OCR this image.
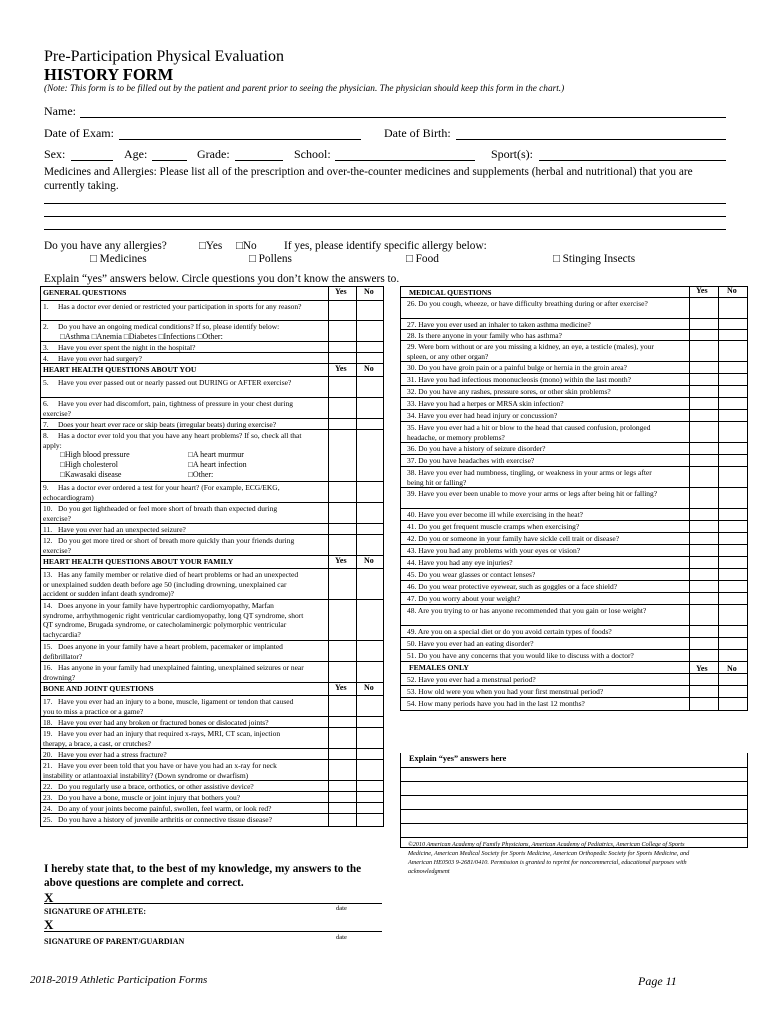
Pre-Participation Physical Evaluation
HISTORY FORM
(Note: This form is to be filled out by the patient and parent prior to seeing the physician. The physician should keep this form in the chart.)
Name:
Date of Exam:	Date of Birth:
Sex:	Age:	Grade:	School:	Sport(s):
Medicines and Allergies: Please list all of the prescription and over-the-counter medicines and supplements (herbal and nutritional) that you are currently taking.
Do you have any allergies?	□Yes □No If yes, please identify specific allergy below:
□ Medicines	□ Pollens	□ Food	□ Stinging Insects
Explain “yes” answers below. Circle questions you don’t know the answers to.
GENERAL QUESTIONS	Yes No
1. Has a doctor ever denied or restricted your participation in sports for any reason?
2. Do you have an ongoing medical conditions? If so, please identify below:
□Asthma □Anemia □Diabetes □Infections □Other:
3. Have you ever spent the night in the hospital?
4. Have you ever had surgery?
HEART HEALTH QUESTIONS ABOUT YOU	Yes No
5. Have you ever passed out or nearly passed out DURING or AFTER exercise?
6. Have you ever had discomfort, pain, tightness of pressure in your chest during exercise?
7. Does your heart ever race or skip beats (irregular beats) during exercise?
8. Has a doctor ever told you that you have any heart problems? If so, check all that apply:
□High blood pressure	□A heart murmur
□High cholesterol	□A heart infection
□Kawasaki disease	□Other:
9. Has a doctor ever ordered a test for your heart? (For example, ECG/EKG, echocardiogram)
10. Do you get lightheaded or feel more short of breath than expected during exercise?
11. Have you ever had an unexpected seizure?
12. Do you get more tired or short of breath more quickly than your friends during exercise?
HEART HEALTH QUESTIONS ABOUT YOUR FAMILY	Yes No
13. Has any family member or relative died of heart problems or had an unexpected or unexplained sudden death before age 50 (including drowning, unexplained car accident or sudden infant death syndrome)?
14. Does anyone in your family have hypertrophic cardiomyopathy, Marfan syndrome, arrhythmogenic right ventricular cardiomyopathy, long QT syndrome, short QT syndrome, Brugada syndrome, or catecholaminergic polymorphic ventricular tachycardia?
15. Does anyone in your family have a heart problem, pacemaker or implanted defibrillator?
16. Has anyone in your family had unexplained fainting, unexplained seizures or near drowning?
BONE AND JOINT QUESTIONS	Yes No
17. Have you ever had an injury to a bone, muscle, ligament or tendon that caused you to miss a practice or a game?
18. Have you ever had any broken or fractured bones or dislocated joints?
19. Have you ever had an injury that required x-rays, MRI, CT scan, injection therapy, a brace, a cast, or crutches?
20. Have you ever had a stress fracture?
21. Have you ever been told that you have or have you had an x-ray for neck instability or atlantoaxial instability? (Down syndrome or dwarfism)
22. Do you regularly use a brace, orthotics, or other assistive device?
23. Do you have a bone, muscle or joint injury that bothers you?
24. Do any of your joints become painful, swollen, feel warm, or look red?
25. Do you have a history of juvenile arthritis or connective tissue disease?
MEDICAL QUESTIONS	Yes No
26. Do you cough, wheeze, or have difficulty breathing during or after exercise?
27. Have you ever used an inhaler to taken asthma medicine?
28. Is there anyone in your family who has asthma?
29. Were born without or are you missing a kidney, an eye, a testicle (males), your spleen, or any other organ?
30. Do you have groin pain or a painful bulge or hernia in the groin area?
31. Have you had infectious mononucleosis (mono) within the last month?
32. Do you have any rashes, pressure sores, or other skin problems?
33. Have you had a herpes or MRSA skin infection?
34. Have you ever had head injury or concussion?
35. Have you ever had a hit or blow to the head that caused confusion, prolonged headache, or memory problems?
36. Do you have a history of seizure disorder?
37. Do you have headaches with exercise?
38. Have you ever had numbness, tingling, or weakness in your arms or legs after being hit or falling?
39. Have you ever been unable to move your arms or legs after being hit or falling?
40. Have you ever become ill while exercising in the heat?
41. Do you get frequent muscle cramps when exercising?
42. Do you or someone in your family have sickle cell trait or disease?
43. Have you had any problems with your eyes or vision?
44. Have you had any eye injuries?
45. Do you wear glasses or contact lenses?
46. Do you wear protective eyewear, such as goggles or a face shield?
47. Do you worry about your weight?
48. Are you trying to or has anyone recommended that you gain or lose weight?
49. Are you on a special diet or do you avoid certain types of foods?
50. Have you ever had an eating disorder?
51. Do you have any concerns that you would like to discuss with a doctor?
FEMALES ONLY	Yes No
52. Have you ever had a menstrual period?
53. How old were you when you had your first menstrual period?
54. How many periods have you had in the last 12 months?
Explain “yes” answers here
©2010 American Academy of Family Physicians, American Academy of Pediatrics, American College of Sports Medicine, American Medical Society for Sports Medicine, American Orthopedic Society for Sports Medicine, and American HE0503 9-2681/0410. Permission is granted to reprint for noncommercial, educational purposes with acknowledgment
I hereby state that, to the best of my knowledge, my answers to the above questions are complete and correct.
X
SIGNATURE OF ATHLETE:	date
X
SIGNATURE OF PARENT/GUARDIAN	date
2018-2019 Athletic Participation Forms	Page 11
